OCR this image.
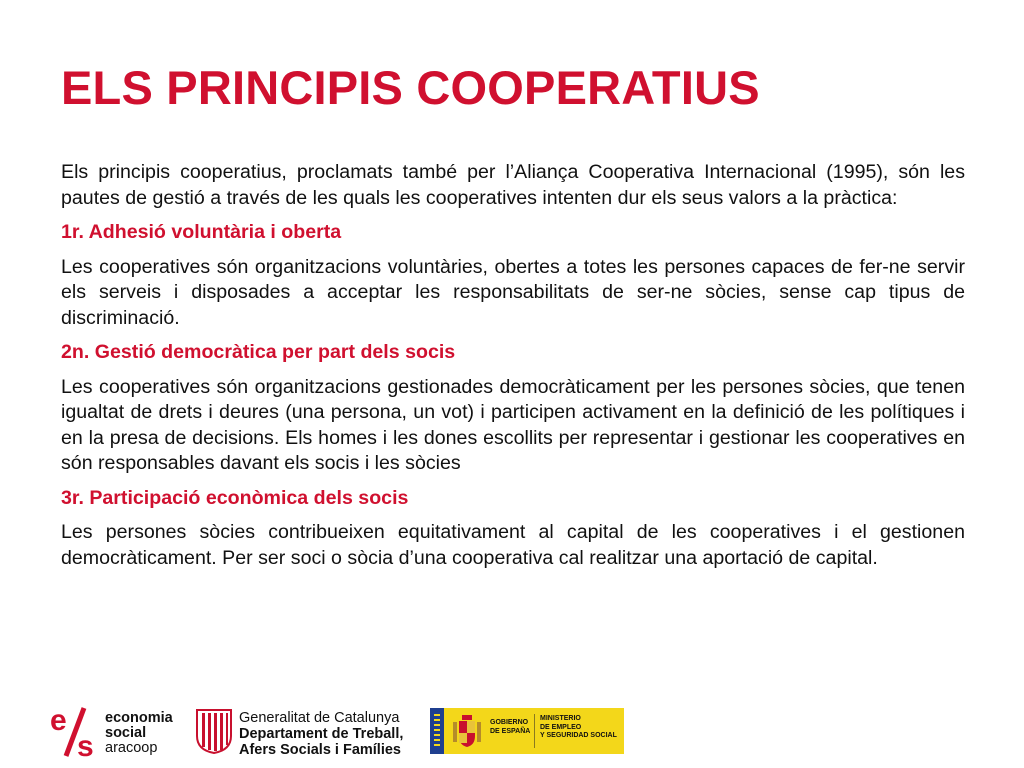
ELS PRINCIPIS COOPERATIUS

Els principis cooperatius, proclamats també per l’Aliança Cooperativa Internacional (1995), són les pautes de gestió a través de les quals les cooperatives intenten dur els seus valors a la pràctica:

1r. Adhesió voluntària i oberta

Les cooperatives són organitzacions voluntàries, obertes a totes les persones capaces de fer-ne servir els serveis i disposades a acceptar les responsabilitats de ser-ne sòcies, sense cap tipus de discriminació.

2n. Gestió democràtica per part dels socis

Les cooperatives són organitzacions gestionades democràticament per les persones sòcies, que tenen igualtat de drets i deures (una persona, un vot) i participen activament en la definició de les polítiques i en la presa de decisions. Els homes i les dones escollits per representar i gestionar les cooperatives en són responsables davant els socis i les sòcies

3r. Participació econòmica dels socis

Les persones sòcies contribueixen equitativament al capital de les cooperatives i el gestionen democràticament. Per ser soci o sòcia d’una cooperativa cal realitzar una aportació de capital.

e
s
economia
social
aracoop
Generalitat de Catalunya
Departament de Treball,
Afers Socials i Famílies
GOBIERNO
DE ESPAÑA
MINISTERIO
DE EMPLEO
Y SEGURIDAD SOCIAL
